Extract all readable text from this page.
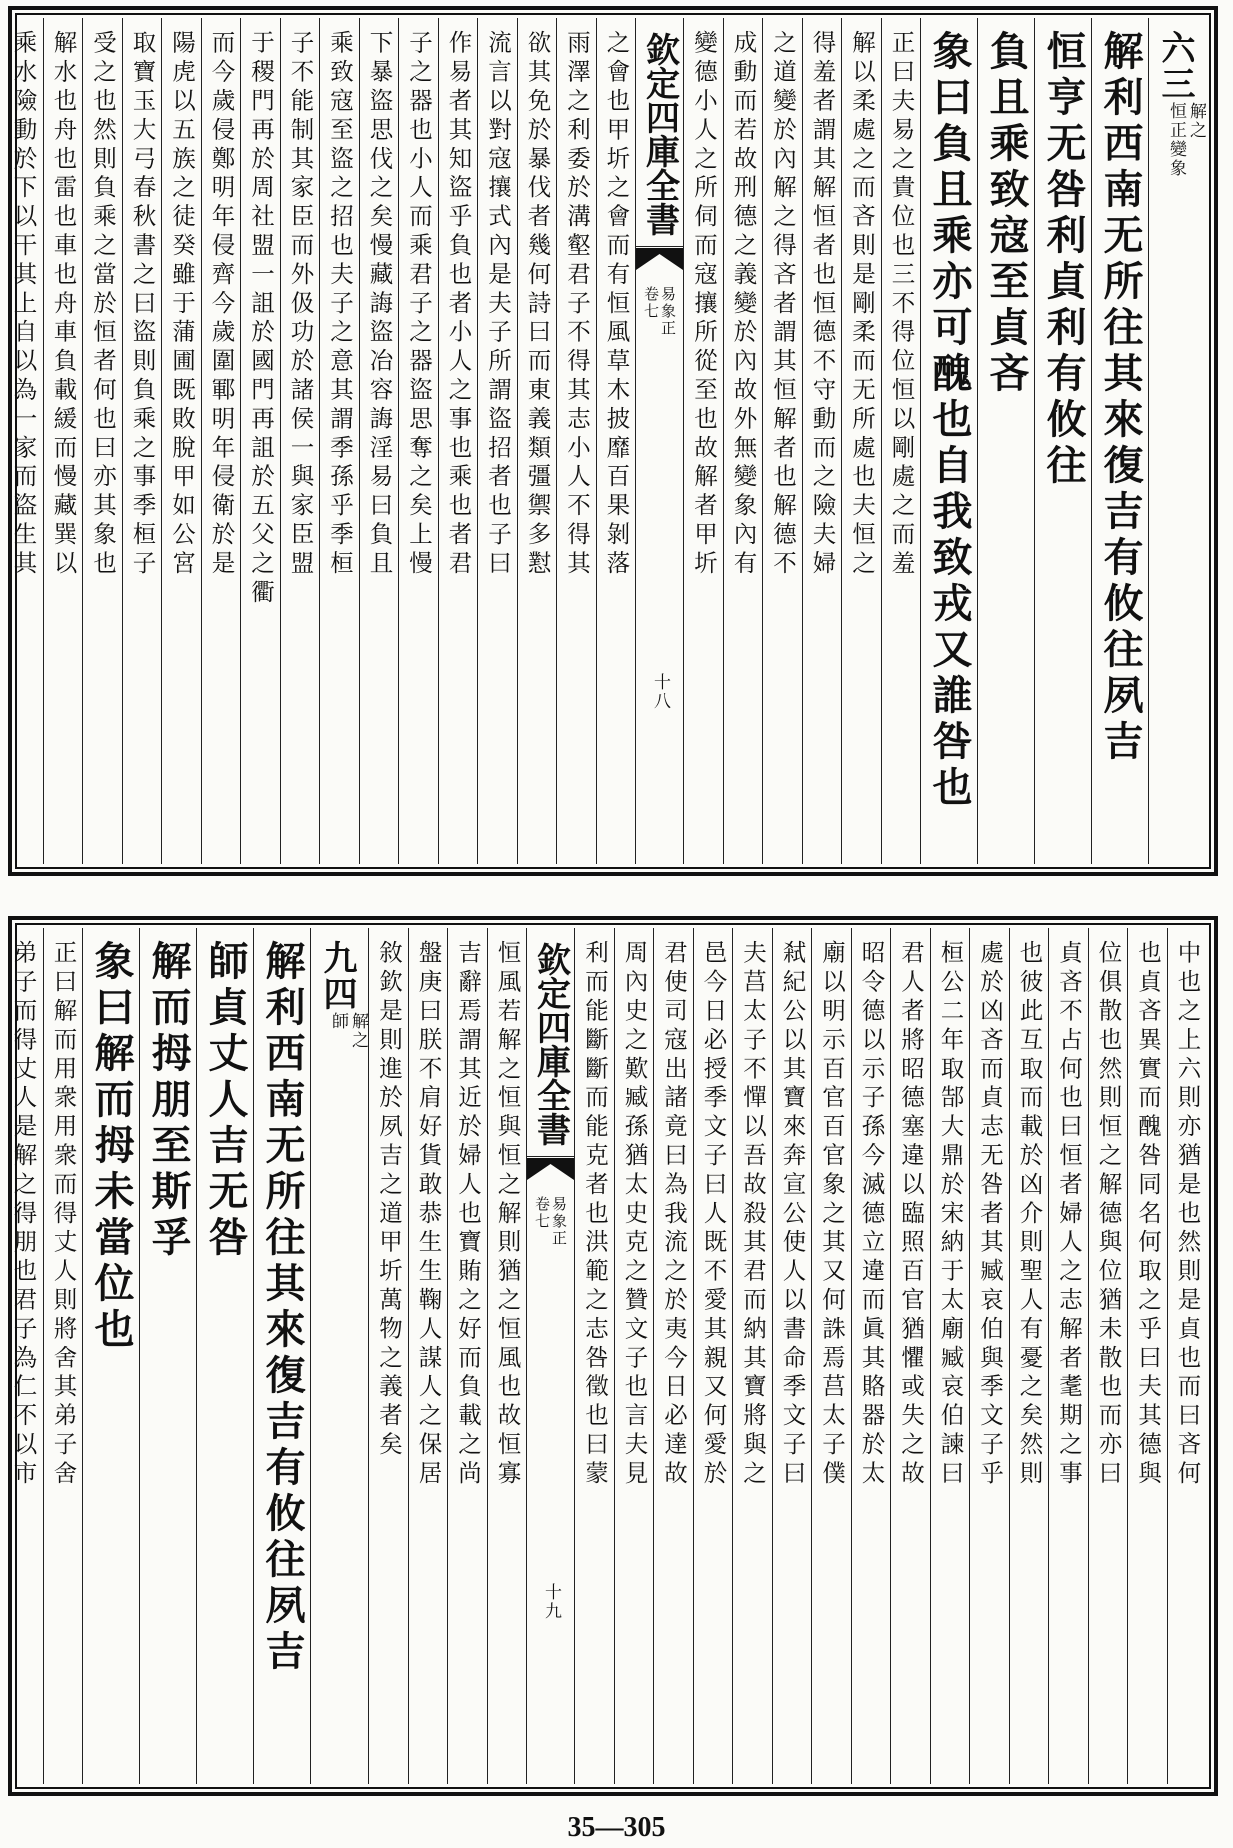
六三
解之
恒正變象
解利西南无所往其來復吉有攸往夙吉
恒亨无咎利貞利有攸往
負且乘致寇至貞吝
象曰負且乘亦可醜也自我致戎又誰咎也
正曰夫易之貴位也三不得位恒以剛處之而羞
解以柔處之而吝則是剛柔而无所處也夫恒之
得羞者謂其解恒者也恒德不守動而之險夫婦
之道變於內解之得吝者謂其恒解者也解德不
成動而若故刑德之義變於內故外無變象內有
變德小人之所伺而寇攘所從至也故解者甲圻
欽定四庫全書
易象正
卷七
十八
之會也甲圻之會而有恒風草木披靡百果剝落
雨澤之利委於溝壑君子不得其志小人不得其
欲其免於暴伐者幾何詩曰而東義類彊禦多懟
流言以對寇攘式內是夫子所謂盜招者也子曰
作易者其知盜乎負也者小人之事也乘也者君
子之器也小人而乘君子之器盜思奪之矣上慢
下暴盜思伐之矣慢藏誨盜冶容誨淫易曰負且
乘致寇至盜之招也夫子之意其謂季孫乎季桓
子不能制其家臣而外伋功於諸侯一與家臣盟
于稷門再於周社盟一詛於國門再詛於五父之衢
而今歲侵鄭明年侵齊今歲圍鄆明年侵衛於是
陽虎以五族之徒癸雖于蒲圃既敗脫甲如公宮
取寶玉大弓春秋書之曰盜則負乘之事季桓子
受之也然則負乘之當於恒者何也曰亦其象也
解水也舟也雷也車也舟車負載緩而慢藏巽以
乘水險動於下以干其上自以為一家而盜生其
中也之上六則亦猶是也然則是貞也而曰吝何
也貞吝異實而醜咎同名何取之乎曰夫其德與
位俱散也然則恒之解德與位猶未散也而亦曰
貞吝不占何也曰恒者婦人之志解者耄期之事
也彼此互取而載於凶介則聖人有憂之矣然則
處於凶吝而貞志无咎者其臧哀伯與季文子乎
桓公二年取郜大鼎於宋納于太廟臧哀伯諫曰
君人者將昭德塞違以臨照百官猶懼或失之故
昭令德以示子孫今滅德立違而眞其賂器於太
廟以明示百官百官象之其又何誅焉莒太子僕
弒紀公以其寶來奔宣公使人以書命季文子曰
夫莒太子不憚以吾故殺其君而納其寶將與之
邑今日必授季文子曰人既不愛其親又何愛於
君使司寇出諸竟曰為我流之於夷今日必達故
周內史之歎臧孫猶太史克之贊文子也言夫見
利而能斷斷而能克者也洪範之志咎徵也曰蒙
欽定四庫全書
易象正
卷七
十九
恒風若解之恒與恒之解則猶之恒風也故恒寡
吉辭焉謂其近於婦人也寶賄之好而負載之尚
盤庚曰朕不肩好貨敢恭生生鞠人謀人之保居
敘欽是則進於夙吉之道甲圻萬物之義者矣
九四
解之
師
解利西南无所往其來復吉有攸往夙吉
師貞丈人吉无咎
解而拇朋至斯孚
象曰解而拇未當位也
正曰解而用衆用衆而得丈人則將舍其弟子舍
弟子而得丈人是解之得朋也君子為仁不以市
35—305
